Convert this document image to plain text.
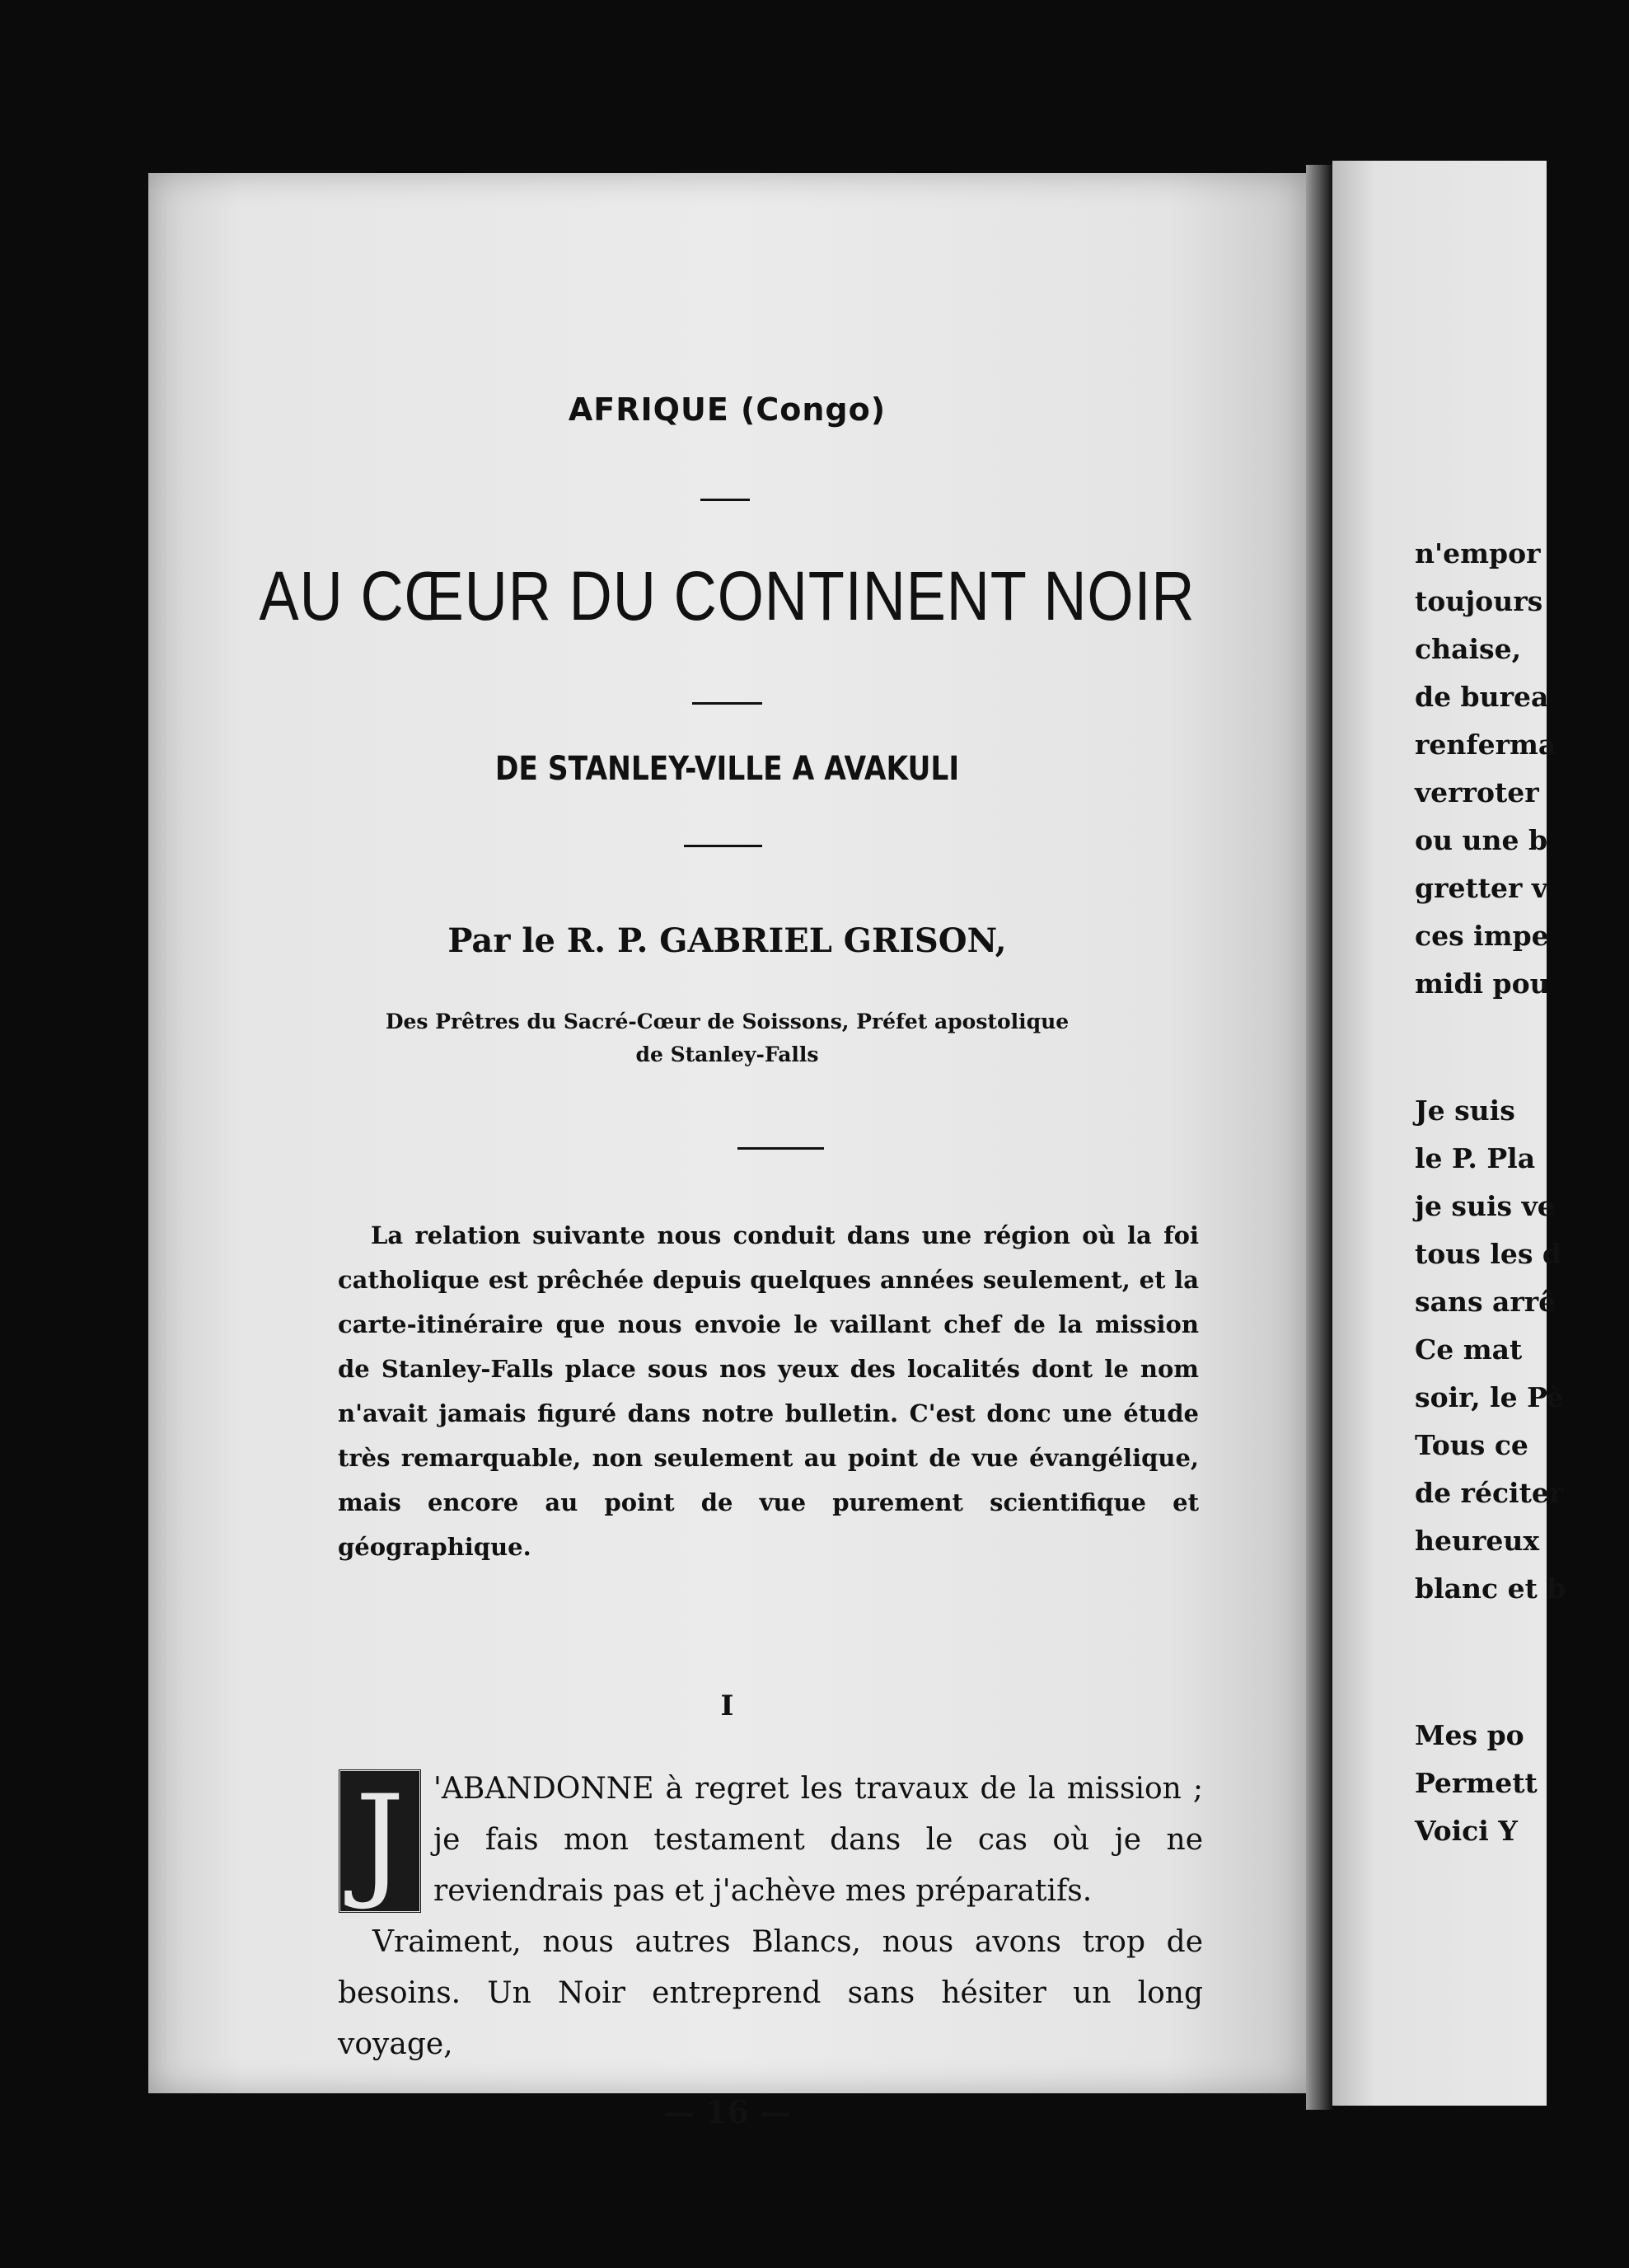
AFRIQUE (Congo)
AU CŒUR DU CONTINENT NOIR
DE STANLEY-VILLE A AVAKULI
Par le R. P. GABRIEL GRISON,
Des Prêtres du Sacré-Cœur de Soissons, Préfet apostolique
de Stanley-Falls
La relation suivante nous conduit dans une région où la foi catholique est prêchée depuis quelques années seulement, et la carte-itinéraire que nous envoie le vaillant chef de la mission de Stanley-Falls place sous nos yeux des localités dont le nom n'avait jamais figuré dans notre bulletin. C'est donc une étude très remarquable, non seulement au point de vue évangélique, mais encore au point de vue purement scientifique et géographique.
I
J 'ABANDONNE à regret les travaux de la mission ; je fais mon testament dans le cas où je ne reviendrais pas et j'achève mes préparatifs.

Vraiment, nous autres Blancs, nous avons trop de besoins. Un Noir entreprend sans hésiter un long voyage,

— 16 —
n'empor
toujours
chaise,
de burea
renferma
verroter
ou une b
gretter v
ces impe
midi pou
Je suis
le P. Pla
je suis ve
tous les d
sans arrê
Ce mat
soir, le Pè
Tous ce
de réciter
heureux
blanc et b
Mes po
Permett
Voici Y
